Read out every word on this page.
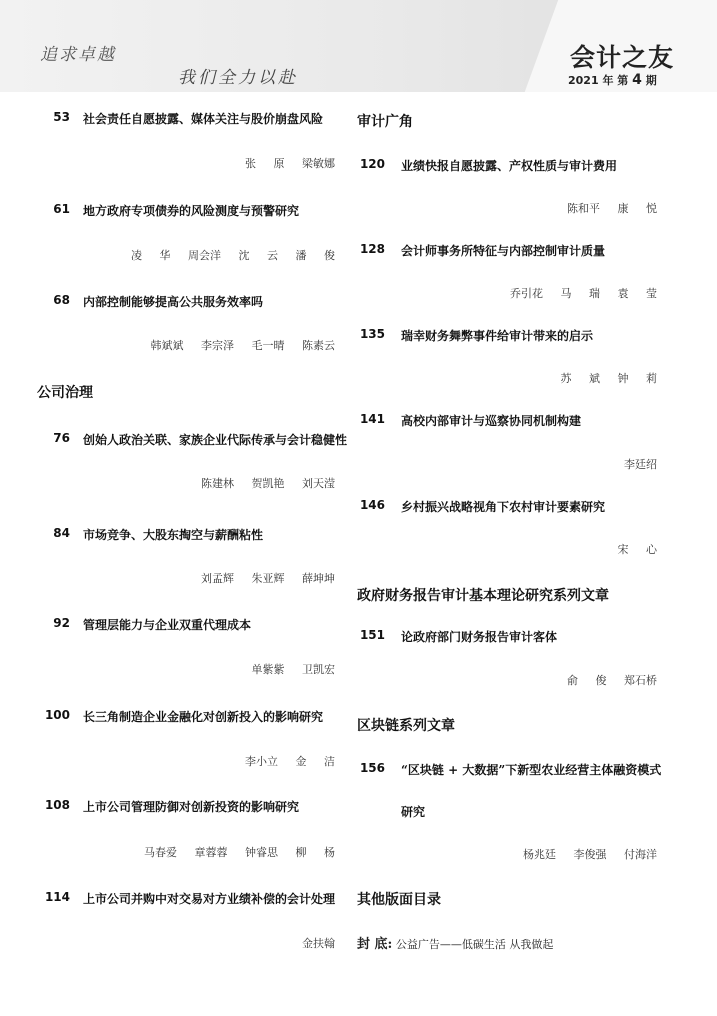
追求卓越
我们全力以赴
会计之友
2021 年 第 4 期
53 社会责任自愿披露、媒体关注与股价崩盘风险
张 原 梁敏娜
61 地方政府专项债券的风险测度与预警研究
凌 华 周会洋 沈 云 潘 俊
68 内部控制能够提高公共服务效率吗
韩斌斌 李宗泽 毛一晴 陈素云
公司治理
76 创始人政治关联、家族企业代际传承与会计稳健性
陈建林 贺凯艳 刘天滢
84 市场竞争、大股东掏空与薪酬粘性
刘孟辉 朱亚辉 薛坤坤
92 管理层能力与企业双重代理成本
单紫紫 卫凯宏
100 长三角制造企业金融化对创新投入的影响研究
李小立 金 洁
108 上市公司管理防御对创新投资的影响研究
马春爱 章蓉蓉 钟睿思 柳 杨
114 上市公司并购中对交易对方业绩补偿的会计处理
金扶翰
审计广角
120 业绩快报自愿披露、产权性质与审计费用
陈和平 康 悦
128 会计师事务所特征与内部控制审计质量
乔引花 马 瑞 袁 莹
135 瑞幸财务舞弊事件给审计带来的启示
苏 斌 钟 莉
141 高校内部审计与巡察协同机制构建
李廷绍
146 乡村振兴战略视角下农村审计要素研究
宋 心
政府财务报告审计基本理论研究系列文章
151 论政府部门财务报告审计客体
俞 俊 郑石桥
区块链系列文章
156 “区块链 + 大数据”下新型农业经营主体融资模式
研究
杨兆廷 李俊强 付海洋
其他版面目录
封 底: 公益广告——低碳生活 从我做起
